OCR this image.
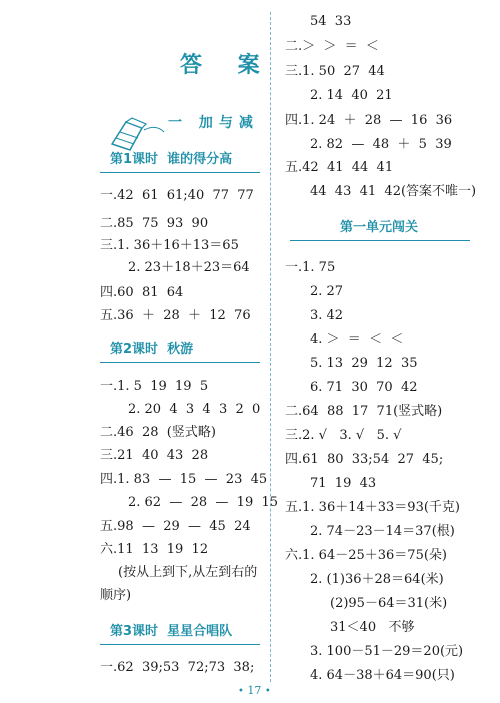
答 案
一 加与减
第1课时  谁的得分高
一.42  61  61;40  77  77
二.85  75  93  90
三.1. 36＋16＋13＝65
2. 23＋18＋23＝64
四.60  81  64
五.36  ＋  28  ＋  12  76
第2课时  秋游
一.1. 5  19  19  5
2. 20  4  3  4  3  2  0
二.46  28  (竖式略)
三.21  40  43  28
四.1. 83  —  15  —  23  45
2. 62  —  28  —  19  15
五.98  —  29  —  45  24
六.11  13  19  12
(按从上到下,从左到右的
顺序)
第3课时  星星合唱队
一.62  39;53  72;73  38;
54  33
二.＞  ＞  ＝  ＜
三.1. 50  27  44
2. 14  40  21
四.1. 24  ＋  28  —  16  36
2. 82  —  48  ＋  5  39
五.42  41  44  41
44  43  41  42(答案不唯一)
第一单元闯关
一.1. 75
2. 27
3. 42
4. ＞  ＝  ＜  ＜
5. 13  29  12  35
6. 71  30  70  42
二.64  88  17  71(竖式略)
三.2. √   3. √   5. √
四.61  80  33;54  27  45;
71  19  43
五.1. 36＋14＋33＝93(千克)
2. 74－23－14＝37(根)
六.1. 64－25＋36＝75(朵)
2. (1)36＋28＝64(米)
(2)95－64＝31(米)
31＜40   不够
3. 100－51－29＝20(元)
4. 64－38＋64＝90(只)
• 17 •
